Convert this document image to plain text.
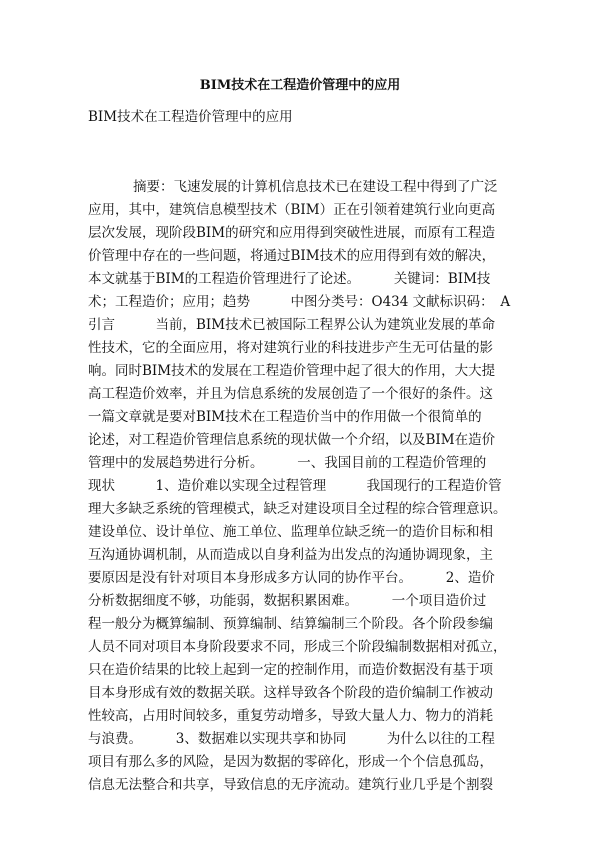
BIM技术在工程造价管理中的应用
BIM技术在工程造价管理中的应用
摘要：飞速发展的计算机信息技术已在建设工程中得到了广泛
应用，其中，建筑信息模型技术（BIM）正在引领着建筑行业向更高
层次发展，现阶段BIM的研究和应用得到突破性进展，而原有工程造
价管理中存在的一些问题，将通过BIM技术的应用得到有效的解决，
本文就基于BIM的工程造价管理进行了论述。　　　关键词：BIM技
术；工程造价；应用；趋势　　　中图分类号：O434 文献标识码：　A
引言　　　当前，BIM技术已被国际工程界公认为建筑业发展的革命
性技术，它的全面应用，将对建筑行业的科技进步产生无可估量的影
响。同时BIM技术的发展在工程造价管理中起了很大的作用，大大提
高工程造价效率，并且为信息系统的发展创造了一个很好的条件。这
一篇文章就是要对BIM技术在工程造价当中的作用做一个很简单的
论述，对工程造价管理信息系统的现状做一个介绍，以及BIM在造价
管理中的发展趋势进行分析。　　　一、我国目前的工程造价管理的
现状　　　1、造价难以实现全过程管理　　　我国现行的工程造价管
理大多缺乏系统的管理模式，缺乏对建设项目全过程的综合管理意识。
建设单位、设计单位、施工单位、监理单位缺乏统一的造价目标和相
互沟通协调机制，从而造成以自身利益为出发点的沟通协调现象，主
要原因是没有针对项目本身形成多方认同的协作平台。　　　2、造价
分析数据细度不够，功能弱，数据积累困难。　　　一个项目造价过
程一般分为概算编制、预算编制、结算编制三个阶段。各个阶段参编
人员不同对项目本身阶段要求不同，形成三个阶段编制数据相对孤立，
只在造价结果的比较上起到一定的控制作用，而造价数据没有基于项
目本身形成有效的数据关联。这样导致各个阶段的造价编制工作被动
性较高，占用时间较多，重复劳动增多，导致大量人力、物力的消耗
与浪费。　　　3、数据难以实现共享和协同　　　为什么以往的工程
项目有那么多的风险，是因为数据的零碎化，形成一个个信息孤岛，
信息无法整合和共享，导致信息的无序流动。建筑行业几乎是个割裂
